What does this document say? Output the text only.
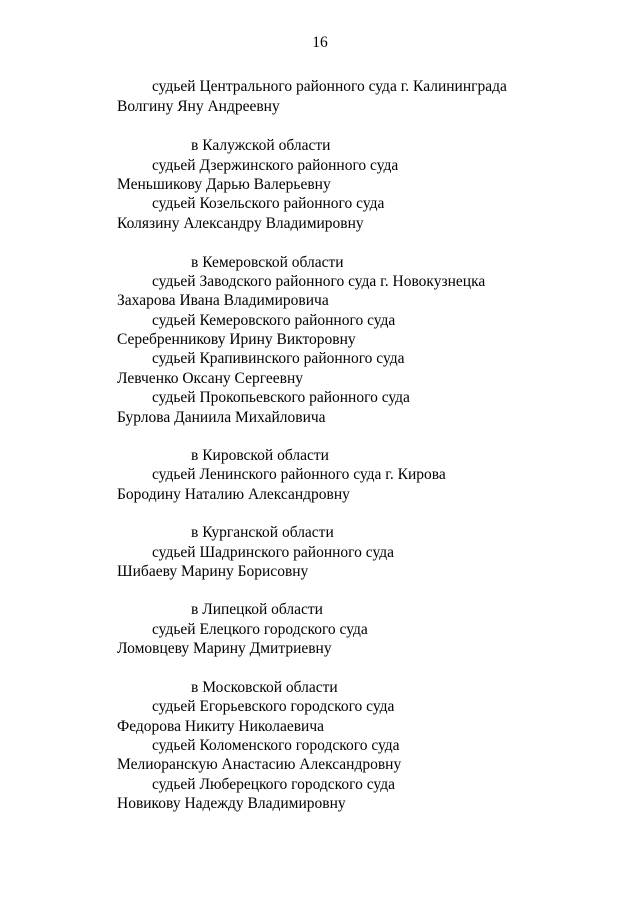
16
судьей Центрального районного суда г. Калининграда
Волгину Яну Андреевну
в Калужской области
судьей Дзержинского районного суда
Меньшикову Дарью Валерьевну
судьей Козельского районного суда
Колязину Александру Владимировну
в Кемеровской области
судьей Заводского районного суда г. Новокузнецка
Захарова Ивана Владимировича
судьей Кемеровского районного суда
Серебренникову Ирину Викторовну
судьей Крапивинского районного суда
Левченко Оксану Сергеевну
судьей Прокопьевского районного суда
Бурлова Даниила Михайловича
в Кировской области
судьей Ленинского районного суда г. Кирова
Бородину Наталию Александровну
в Курганской области
судьей Шадринского районного суда
Шибаеву Марину Борисовну
в Липецкой области
судьей Елецкого городского суда
Ломовцеву Марину Дмитриевну
в Московской области
судьей Егорьевского городского суда
Федорова Никиту Николаевича
судьей Коломенского городского суда
Мелиоранскую Анастасию Александровну
судьей Люберецкого городского суда
Новикову Надежду Владимировну
